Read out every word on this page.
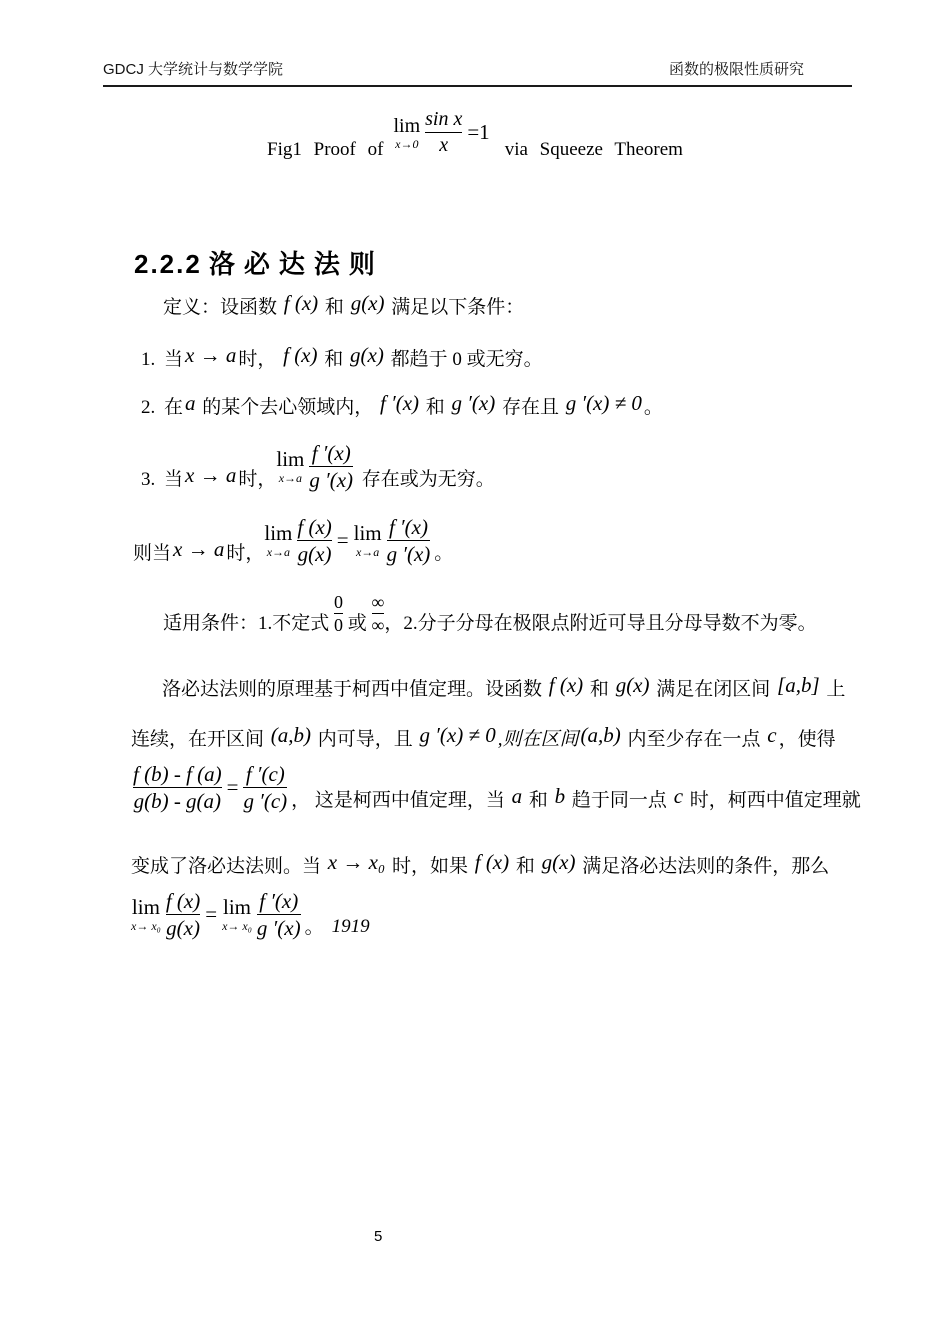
GDCJ 大学统计与数学学院	函数的极限性质研究
Fig1 Proof of
lim
x→0
sin x
x
=1
via Squeeze Theorem
2.2.2 洛必达法则
定义：设函数 f (x) 和 g(x) 满足以下条件：
1. 当 x → a 时， f (x) 和 g(x) 都趋于 0 或无穷。
2. 在 a 的某个去心领域内， f ′(x) 和 g ′(x) 存在且 g ′(x) ≠ 0 。
3. 当 x → a 时，
lim
x→a
f ′(x)
g ′(x) 存在或为无穷。
则当 x → a 时，
lim
x→a
f (x)
g(x)
= lim
x→a
f ′(x)
g ′(x) 。
适用条件：1.不定式
0
0 或
∞
∞ ，2.分子分母在极限点附近可导且分母导数不为零。
洛必达法则的原理基于柯西中值定理。设函数 f (x) 和 g(x) 满足在闭区间 [a,b] 上
连续，在开区间 (a,b) 内可导，且 g ′(x) ≠ 0 , 则在区间 (a,b) 内至少存在一点 c ，使得
f (b) - f (a)
g(b) - g(a)
=
f ′(c)
g ′(c) ， 这是柯西中值定理，当 a 和 b 趋于同一点 c 时，柯西中值定理就
变成了洛必达法则。当 x → x₀ 时，如果 f (x) 和 g(x) 满足洛必达法则的条件，那么
lim
x→ x₀
f (x)
g(x)
= lim
x→ x₀
f ′(x)
g ′(x) 。 1919
5
